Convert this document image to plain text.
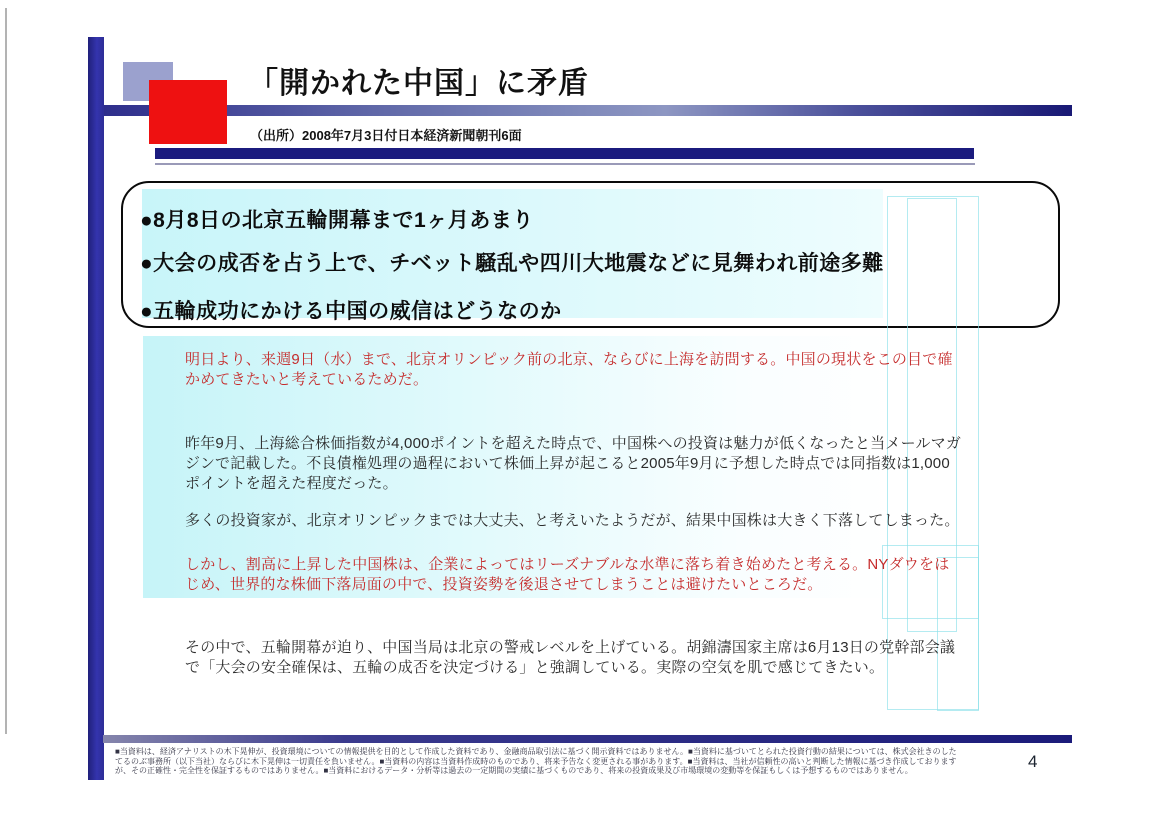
「開かれた中国」に矛盾
（出所）2008年7月3日付日本経済新聞朝刊6面
●8月8日の北京五輪開幕まで1ヶ月あまり
●大会の成否を占う上で、チベット騒乱や四川大地震などに見舞われ前途多難
●五輪成功にかける中国の威信はどうなのか
明日より、来週9日（水）まで、北京オリンピック前の北京、ならびに上海を訪問する。中国の現状をこの目で確かめてきたいと考えているためだ。
昨年9月、上海総合株価指数が4,000ポイントを超えた時点で、中国株への投資は魅力が低くなったと当メールマガジンで記載した。不良債権処理の過程において株価上昇が起こると2005年9月に予想した時点では同指数は1,000ポイントを超えた程度だった。
多くの投資家が、北京オリンピックまでは大丈夫、と考えいたようだが、結果中国株は大きく下落してしまった。
しかし、割高に上昇した中国株は、企業によってはリーズナブルな水準に落ち着き始めたと考える。NYダウをはじめ、世界的な株価下落局面の中で、投資姿勢を後退させてしまうことは避けたいところだ。
その中で、五輪開幕が迫り、中国当局は北京の警戒レベルを上げている。胡錦濤国家主席は6月13日の党幹部会議で「大会の安全確保は、五輪の成否を決定づける」と強調している。実際の空気を肌で感じてきたい。
■当資料は、経済アナリストの木下晃伸が、投資環境についての情報提供を目的として作成した資料であり、金融商品取引法に基づく開示資料ではありません。■当資料に基づいてとられた投資行動の結果については、株式会社きのした
てるのぶ事務所（以下当社）ならびに木下晃伸は一切責任を負いません。■当資料の内容は当資料作成時のものであり、将来予告なく変更される事があります。■当資料は、当社が信頼性の高いと判断した情報に基づき作成しております
が、その正確性・完全性を保証するものではありません。■当資料におけるデータ・分析等は過去の一定期間の実績に基づくものであり、将来の投資成果及び市場環境の変動等を保証もしくは予想するものではありません。	4
